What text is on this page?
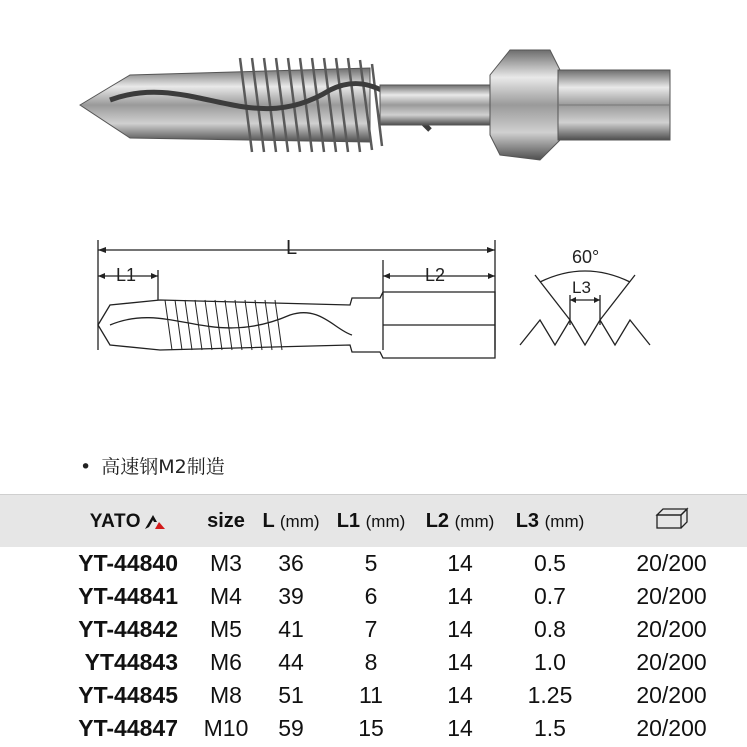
L
L1	L2
60°
L3
• 高速钢M2制造
YATO	size	L (mm)	L1 (mm)	L2 (mm)	L3 (mm)	
YT-44840	M3	36	5	14	0.5	20/200
YT-44841	M4	39	6	14	0.7	20/200
YT-44842	M5	41	7	14	0.8	20/200
YT44843	M6	44	8	14	1.0	20/200
YT-44845	M8	51	11	14	1.25	20/200
YT-44847	M10	59	15	14	1.5	20/200
